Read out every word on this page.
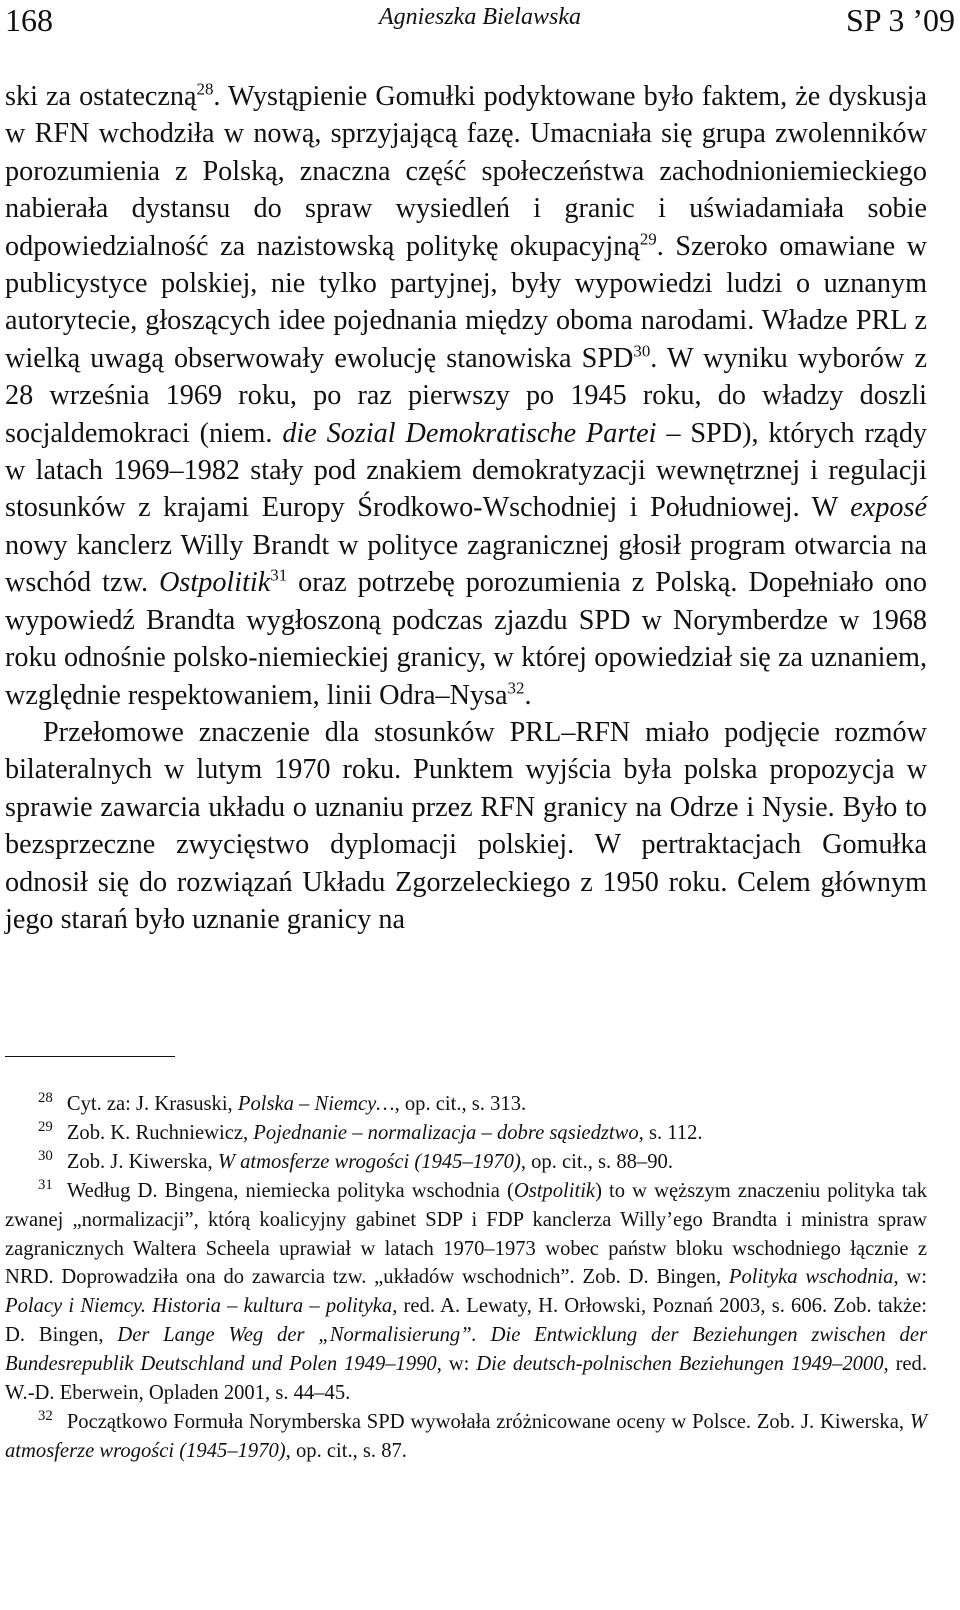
168	Agnieszka Bielawska	SP 3 ’09

ski za ostateczną$^{28}$. Wystąpienie Gomułki podyktowane było faktem, że dyskusja w RFN wchodziła w nową, sprzyjającą fazę. Umacniała się grupa zwolenników porozumienia z Polską, znaczna część społeczeństwa zachodnioniemieckiego nabierała dystansu do spraw wysiedleń i granic i uświadamiała sobie odpowiedzialność za nazistowską politykę okupacyjną$^{29}$. Szeroko omawiane w publicystyce polskiej, nie tylko partyjnej, były wypowiedzi ludzi o uznanym autorytecie, głoszących idee pojednania między oboma narodami. Władze PRL z wielką uwagą obserwowały ewolucję stanowiska SPD$^{30}$. W wyniku wyborów z 28 września 1969 roku, po raz pierwszy po 1945 roku, do władzy doszli socjaldemokraci (niem. die Sozial Demokratische Partei – SPD), których rządy w latach 1969–1982 stały pod znakiem demokratyzacji wewnętrznej i regulacji stosunków z krajami Europy Środkowo-Wschodniej i Południowej. W exposé nowy kanclerz Willy Brandt w polityce zagranicznej głosił program otwarcia na wschód tzw. Ostpolitik$^{31}$ oraz potrzebę porozumienia z Polską. Dopełniało ono wypowiedź Brandta wygłoszoną podczas zjazdu SPD w Norymberdze w 1968 roku odnośnie polsko-niemieckiej granicy, w której opowiedział się za uznaniem, względnie respektowaniem, linii Odra–Nysa$^{32}$.

Przełomowe znaczenie dla stosunków PRL–RFN miało podjęcie rozmów bilateralnych w lutym 1970 roku. Punktem wyjścia była polska propozycja w sprawie zawarcia układu o uznaniu przez RFN granicy na Odrze i Nysie. Było to bezsprzeczne zwycięstwo dyplomacji polskiej. W pertraktacjach Gomułka odnosił się do rozwiązań Układu Zgorzeleckiego z 1950 roku. Celem głównym jego starań było uznanie granicy na

$^{28}$ Cyt. za: J. Krasuski, Polska – Niemcy…, op. cit., s. 313.

$^{29}$ Zob. K. Ruchniewicz, Pojednanie – normalizacja – dobre sąsiedztwo, s. 112.

$^{30}$ Zob. J. Kiwerska, W atmosferze wrogości (1945–1970), op. cit., s. 88–90.

$^{31}$ Według D. Bingena, niemiecka polityka wschodnia (Ostpolitik) to w węższym znaczeniu polityka tak zwanej „normalizacji”, którą koalicyjny gabinet SDP i FDP kanclerza Willy’ego Brandta i ministra spraw zagranicznych Waltera Scheela uprawiał w latach 1970–1973 wobec państw bloku wschodniego łącznie z NRD. Doprowadziła ona do zawarcia tzw. „układów wschodnich”. Zob. D. Bingen, Polityka wschodnia, w: Polacy i Niemcy. Historia – kultura – polityka, red. A. Lewaty, H. Orłowski, Poznań 2003, s. 606. Zob. także: D. Bingen, Der Lange Weg der „Normalisierung”. Die Entwicklung der Beziehungen zwischen der Bundesrepublik Deutschland und Polen 1949–1990, w: Die deutsch-polnischen Beziehungen 1949–2000, red. W.-D. Eberwein, Opladen 2001, s. 44–45.

$^{32}$ Początkowo Formuła Norymberska SPD wywołała zróżnicowane oceny w Polsce. Zob. J. Kiwerska, W atmosferze wrogości (1945–1970), op. cit., s. 87.
